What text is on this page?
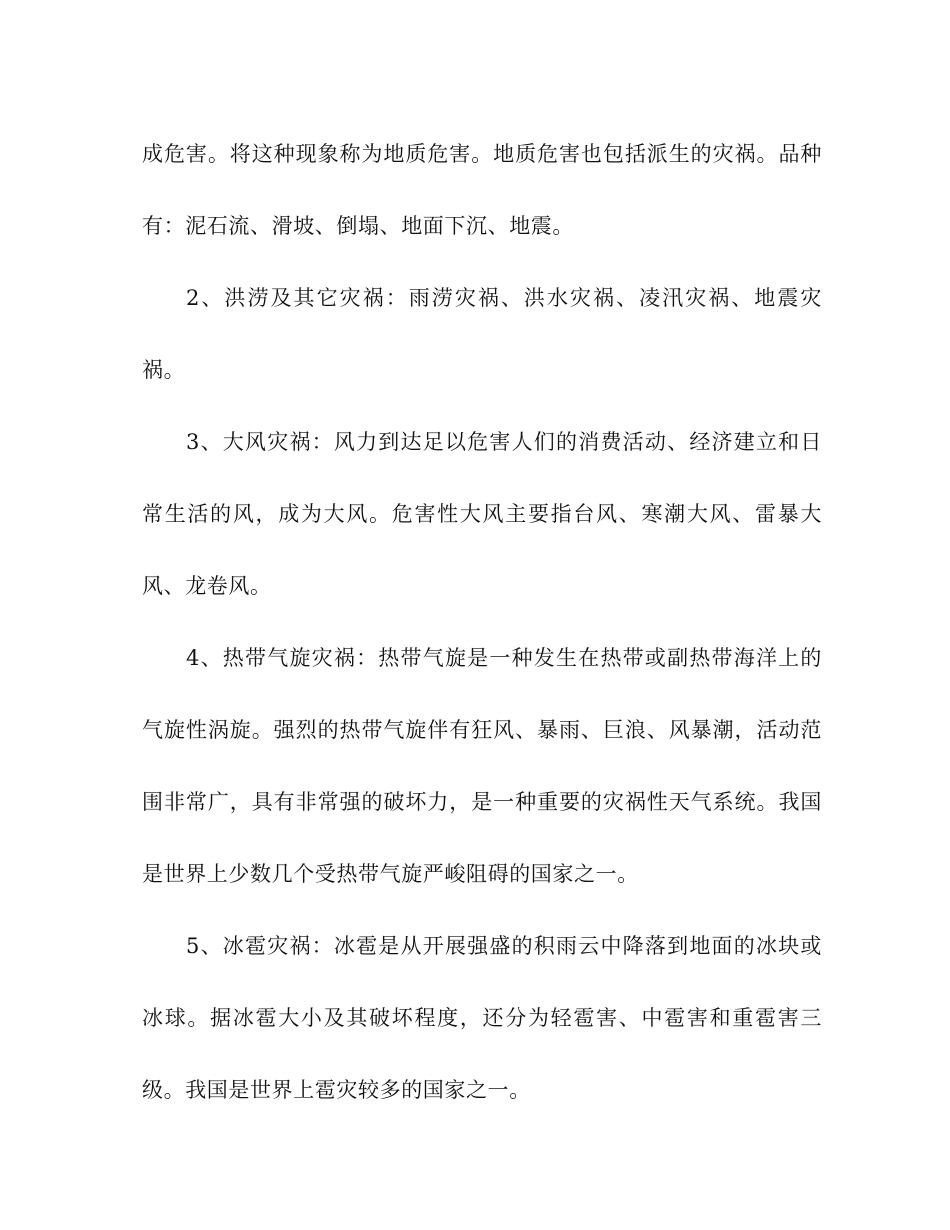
成危害。将这种现象称为地质危害。地质危害也包括派生的灾祸。品种有：泥石流、滑坡、倒塌、地面下沉、地震。

2、洪涝及其它灾祸：雨涝灾祸、洪水灾祸、凌汛灾祸、地震灾祸。

3、大风灾祸：风力到达足以危害人们的消费活动、经济建立和日常生活的风，成为大风。危害性大风主要指台风、寒潮大风、雷暴大风、龙卷风。

4、热带气旋灾祸：热带气旋是一种发生在热带或副热带海洋上的气旋性涡旋。强烈的热带气旋伴有狂风、暴雨、巨浪、风暴潮，活动范围非常广，具有非常强的破坏力，是一种重要的灾祸性天气系统。我国是世界上少数几个受热带气旋严峻阻碍的国家之一。

5、冰雹灾祸：冰雹是从开展强盛的积雨云中降落到地面的冰块或冰球。据冰雹大小及其破坏程度，还分为轻雹害、中雹害和重雹害三级。我国是世界上雹灾较多的国家之一。
